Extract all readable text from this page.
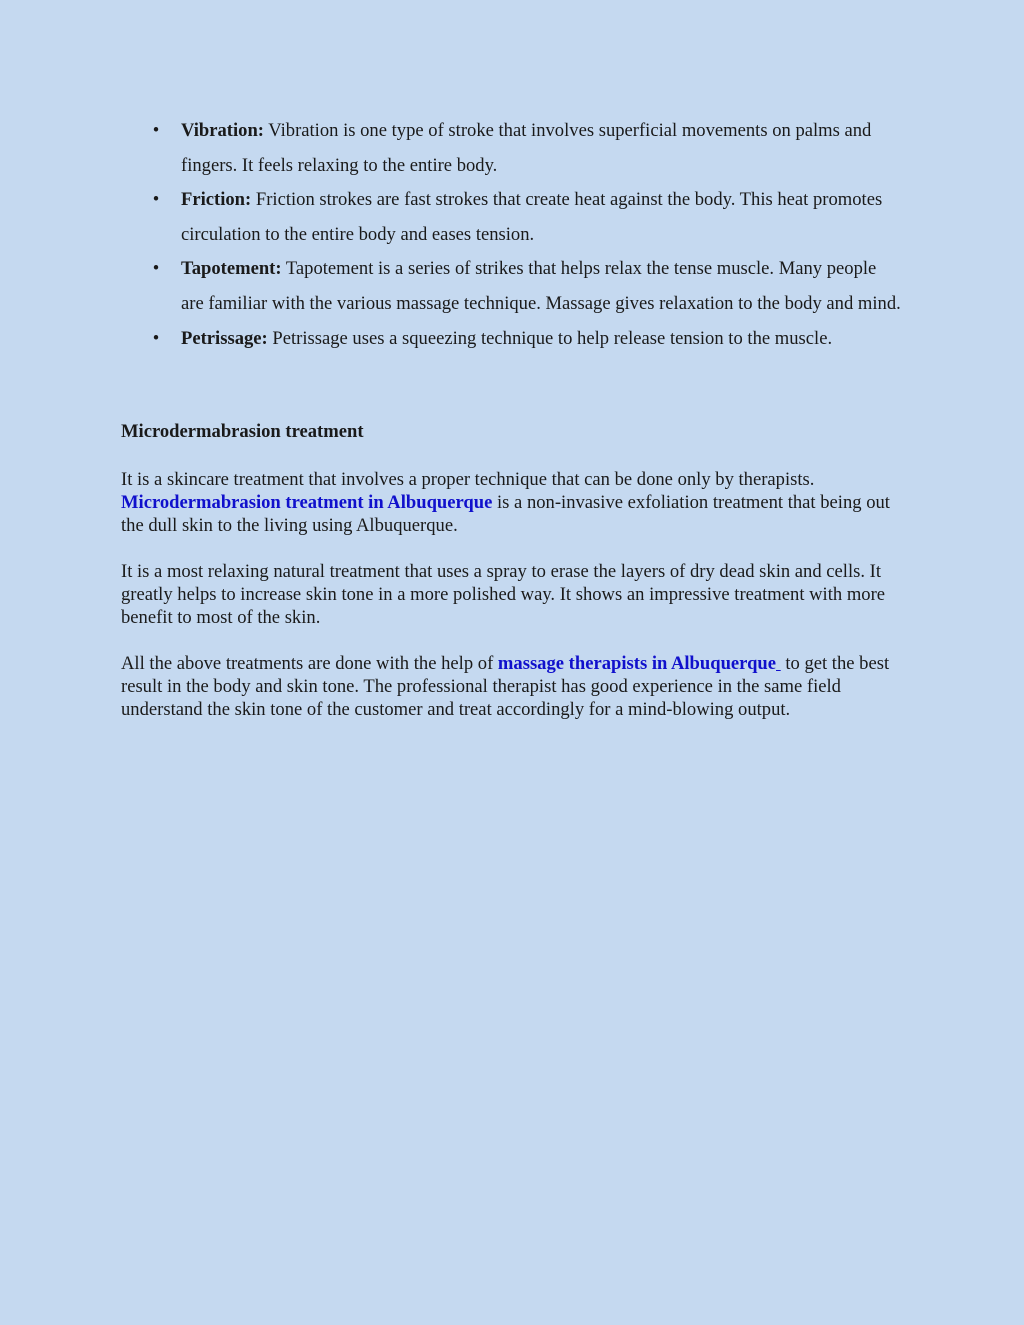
• Vibration: Vibration is one type of stroke that involves superficial movements on palms and fingers. It feels relaxing to the entire body.
• Friction: Friction strokes are fast strokes that create heat against the body. This heat promotes circulation to the entire body and eases tension.
• Tapotement: Tapotement is a series of strikes that helps relax the tense muscle. Many people are familiar with the various massage technique. Massage gives relaxation to the body and mind.
• Petrissage: Petrissage uses a squeezing technique to help release tension to the muscle.
Microdermabrasion treatment

It is a skincare treatment that involves a proper technique that can be done only by therapists. Microdermabrasion treatment in Albuquerque is a non-invasive exfoliation treatment that being out the dull skin to the living using Albuquerque.

It is a most relaxing natural treatment that uses a spray to erase the layers of dry dead skin and cells. It greatly helps to increase skin tone in a more polished way. It shows an impressive treatment with more benefit to most of the skin.

All the above treatments are done with the help of massage therapists in Albuquerque  to get the best result in the body and skin tone. The professional therapist has good experience in the same field understand the skin tone of the customer and treat accordingly for a mind-blowing output.
